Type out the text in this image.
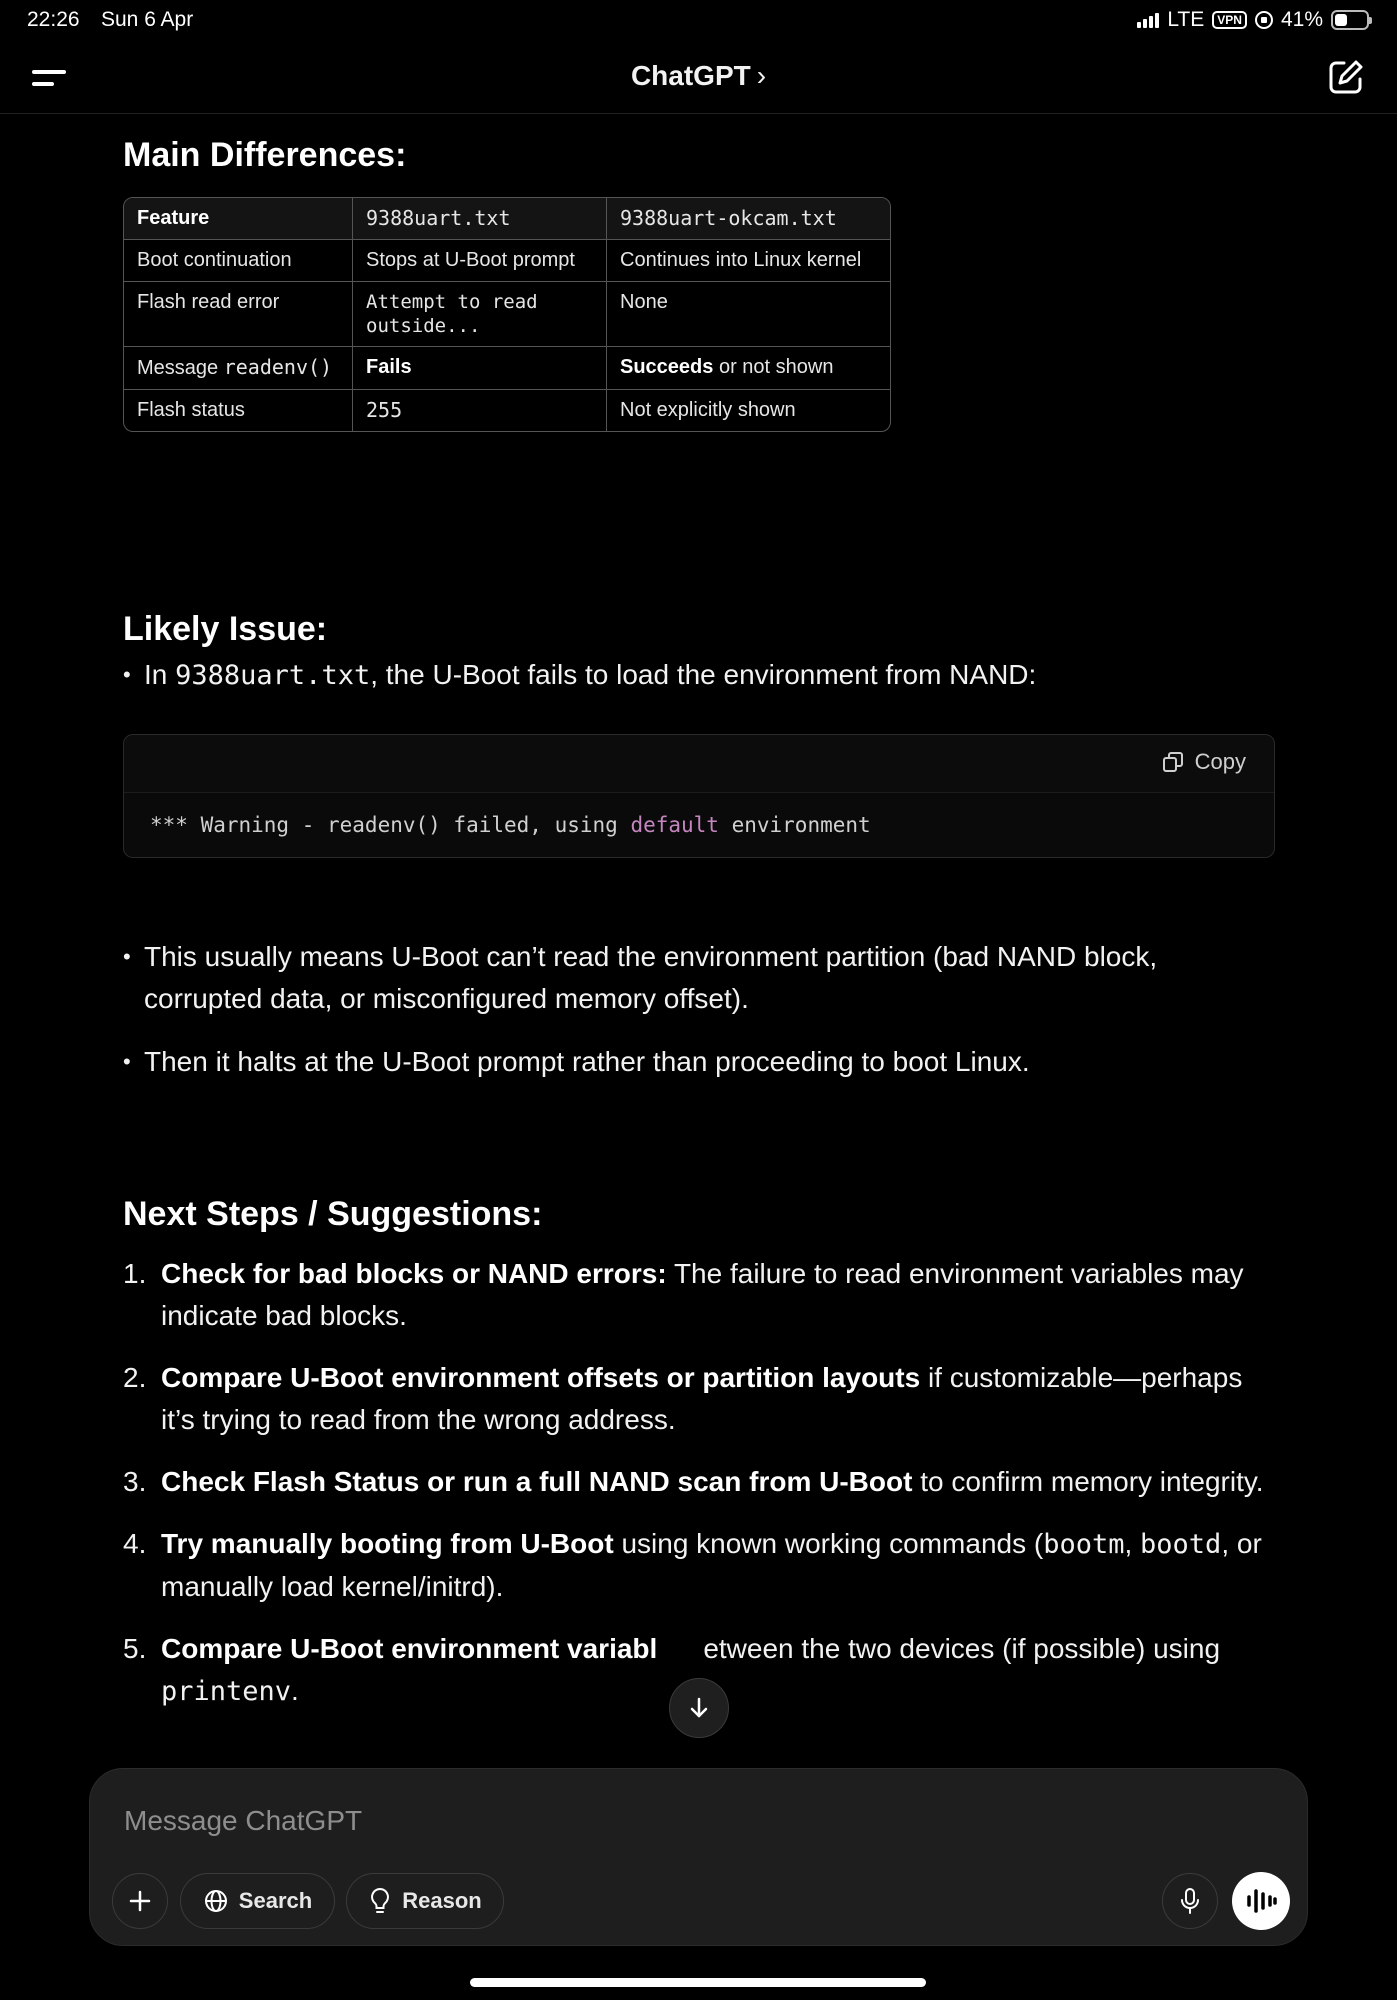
22:26 Sun 6 Apr	LTE	VPN 41%
ChatGPT ›
Main Differences:
Feature	9388uart.txt	9388uart-okcam.txt
Boot continuation	Stops at U-Boot prompt	Continues into Linux kernel
Flash read error	Attempt to read outside...	None
Message readenv()	Fails	Succeeds or not shown
Flash status	255	Not explicitly shown
Likely Issue:
• In 9388uart.txt, the U-Boot fails to load the environment from NAND:
Copy
*** Warning - readenv() failed, using default environment
• This usually means U-Boot can’t read the environment partition (bad NAND block, corrupted data, or misconfigured memory offset).
• Then it halts at the U-Boot prompt rather than proceeding to boot Linux.
Next Steps / Suggestions:
1. Check for bad blocks or NAND errors: The failure to read environment variables may indicate bad blocks.
2. Compare U-Boot environment offsets or partition layouts if customizable—perhaps it’s trying to read from the wrong address.
3. Check Flash Status or run a full NAND scan from U-Boot to confirm memory integrity.
4. Try manually booting from U-Boot using known working commands (bootm, bootd, or manually load kernel/initrd).
5. Compare U-Boot environment variabl etween the two devices (if possible) using printenv.
Message ChatGPT
Search	Reason
